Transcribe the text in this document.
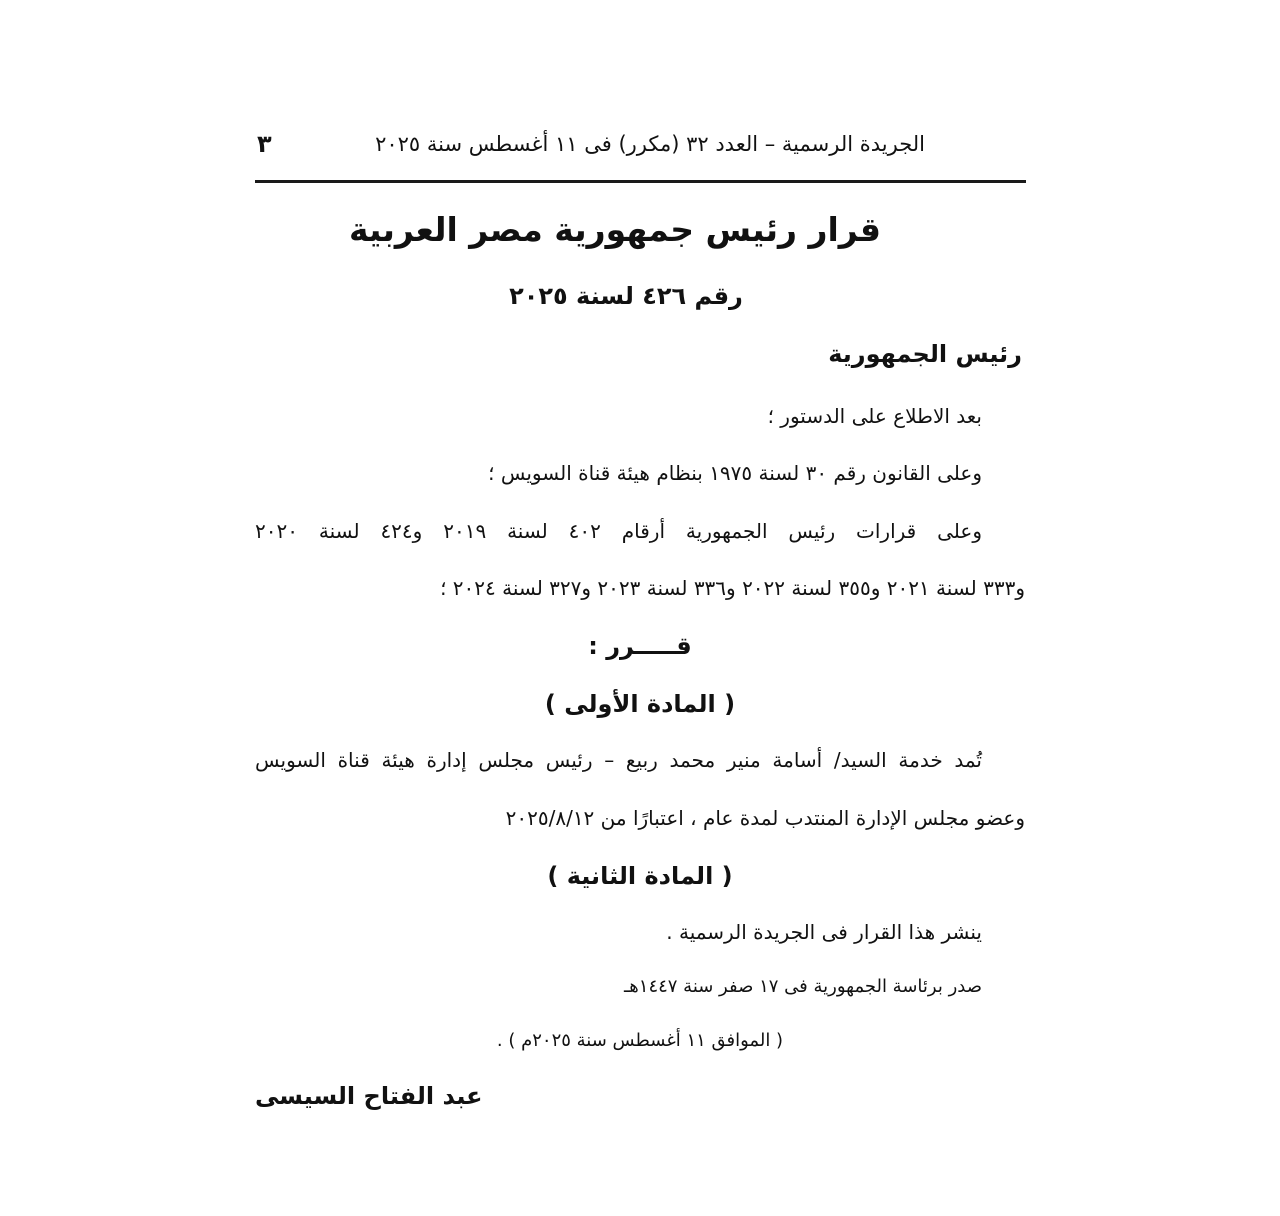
الجريدة الرسمية – العدد ٣٢ (مكرر) فى ١١ أغسطس سنة ٢٠٢٥
٣
قرار رئيس جمهورية مصر العربية
رقم ٤٢٦ لسنة ٢٠٢٥
رئيس الجمهورية
بعد الاطلاع على الدستور ؛
وعلى القانون رقم ٣٠ لسنة ١٩٧٥ بنظام هيئة قناة السويس ؛
وعلى قرارات رئيس الجمهورية أرقام ٤٠٢ لسنة ٢٠١٩ و٤٢٤ لسنة ٢٠٢٠
و٣٣٣ لسنة ٢٠٢١ و٣٥٥ لسنة ٢٠٢٢ و٣٣٦ لسنة ٢٠٢٣ و٣٢٧ لسنة ٢٠٢٤ ؛
قـــــرر :
( المادة الأولى )
تُمد خدمة السيد/ أسامة منير محمد ربيع – رئيس مجلس إدارة هيئة قناة السويس
وعضو مجلس الإدارة المنتدب لمدة عام ، اعتبارًا من ٢٠٢٥/٨/١٢
( المادة الثانية )
ينشر هذا القرار فى الجريدة الرسمية .
صدر برئاسة الجمهورية فى ١٧ صفر سنة ١٤٤٧هـ
( الموافق ١١ أغسطس سنة ٢٠٢٥م ) .
عبد الفتاح السيسى
